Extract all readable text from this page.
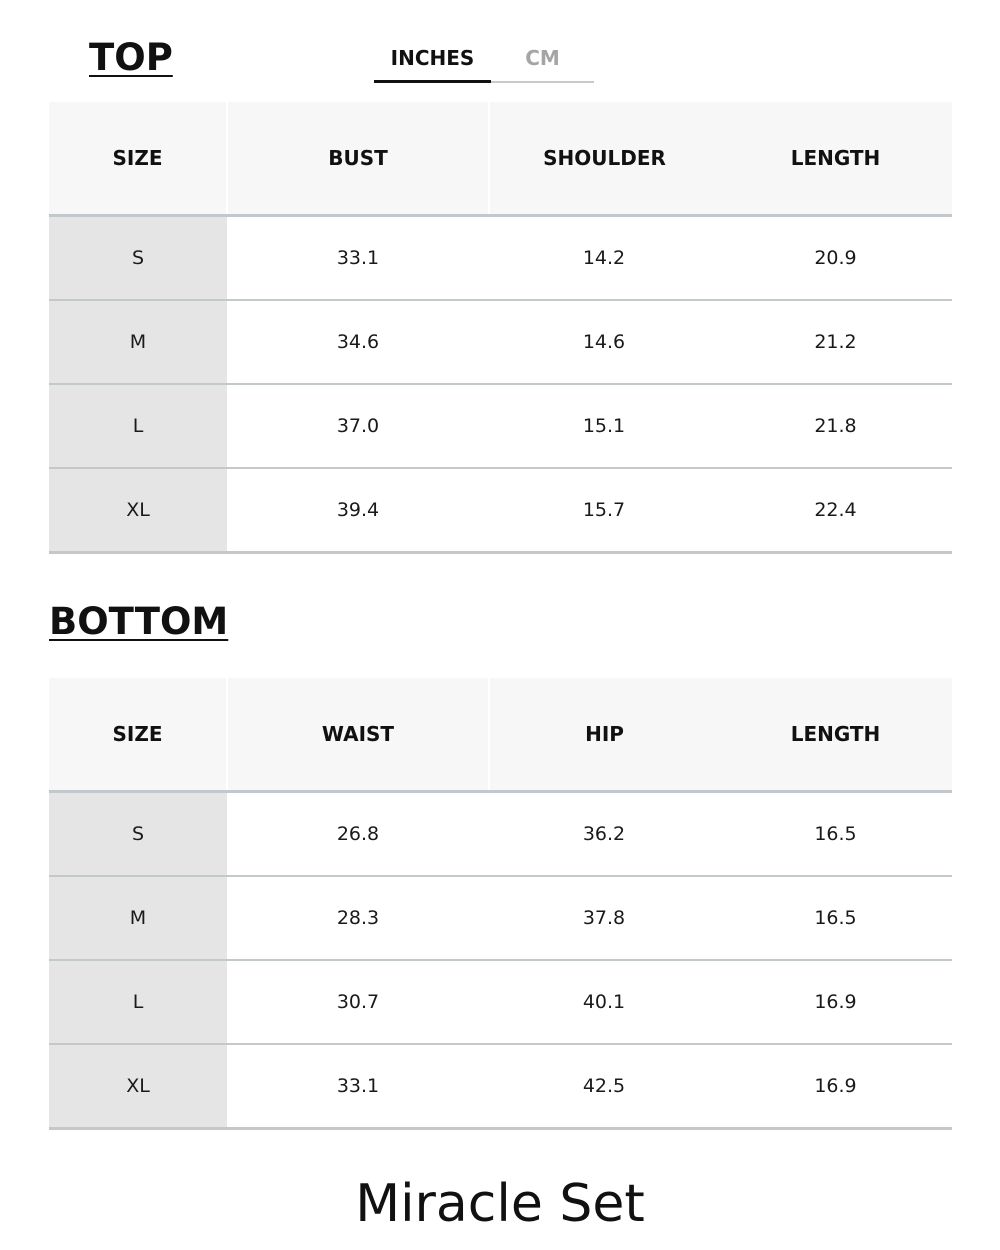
TOP	INCHES	CM
SIZE	BUST	SHOULDER	LENGTH
S	33.1	14.2	20.9
M	34.6	14.6	21.2
L	37.0	15.1	21.8
XL	39.4	15.7	22.4
BOTTOM
SIZE	WAIST	HIP	LENGTH
S	26.8	36.2	16.5
M	28.3	37.8	16.5
L	30.7	40.1	16.9
XL	33.1	42.5	16.9
Miracle Set
